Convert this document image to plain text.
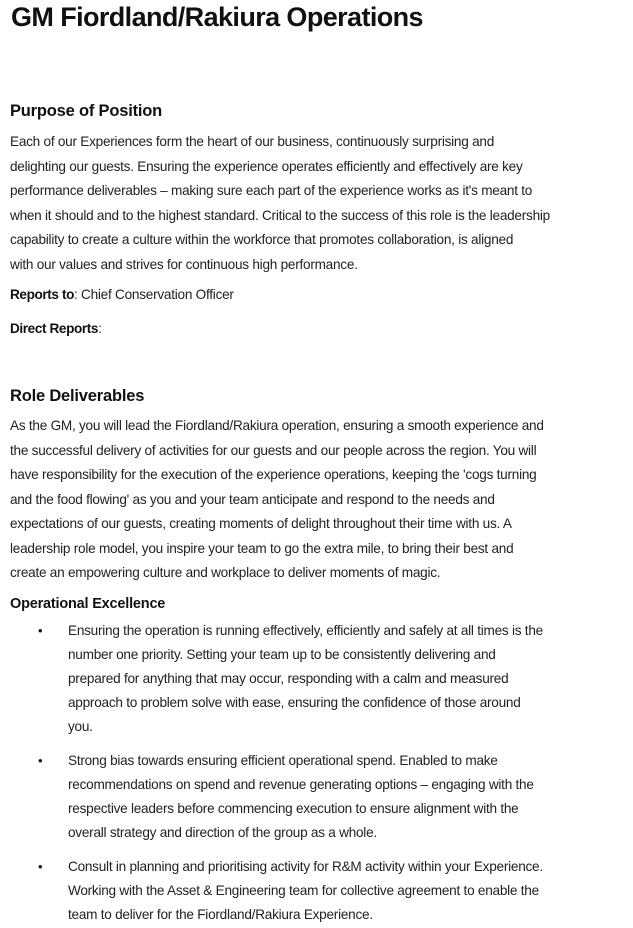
GM Fiordland/Rakiura Operations
Purpose of Position

Each of our Experiences form the heart of our business, continuously surprising and
delighting our guests. Ensuring the experience operates efficiently and effectively are key
performance deliverables – making sure each part of the experience works as it's meant to
when it should and to the highest standard. Critical to the success of this role is the leadership
capability to create a culture within the workforce that promotes collaboration, is aligned
with our values and strives for continuous high performance.

Reports to: Chief Conservation Officer

Direct Reports:

Role Deliverables

As the GM, you will lead the Fiordland/Rakiura operation, ensuring a smooth experience and
the successful delivery of activities for our guests and our people across the region. You will
have responsibility for the execution of the experience operations, keeping the 'cogs turning
and the food flowing' as you and your team anticipate and respond to the needs and
expectations of our guests, creating moments of delight throughout their time with us. A
leadership role model, you inspire your team to go the extra mile, to bring their best and
create an empowering culture and workplace to deliver moments of magic.

Operational Excellence
• Ensuring the operation is running effectively, efficiently and safely at all times is the
number one priority. Setting your team up to be consistently delivering and
prepared for anything that may occur, responding with a calm and measured
approach to problem solve with ease, ensuring the confidence of those around
you.
• Strong bias towards ensuring efficient operational spend. Enabled to make
recommendations on spend and revenue generating options – engaging with the
respective leaders before commencing execution to ensure alignment with the
overall strategy and direction of the group as a whole.
• Consult in planning and prioritising activity for R&M activity within your Experience.
Working with the Asset & Engineering team for collective agreement to enable the
team to deliver for the Fiordland/Rakiura Experience.
